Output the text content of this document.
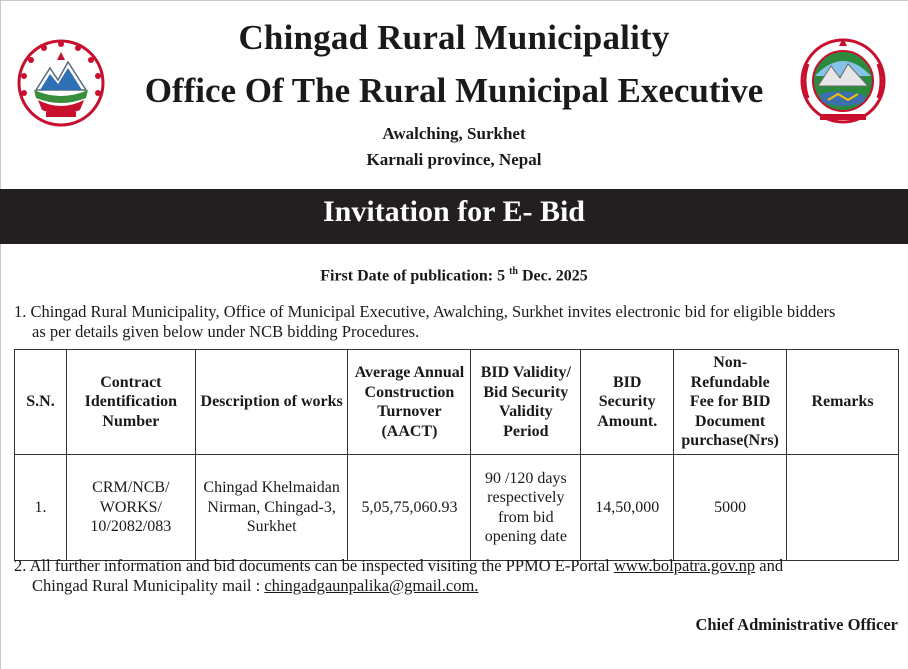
Chingad Rural Municipality
Office Of The Rural Municipal Executive
Awalching, Surkhet
Karnali province, Nepal
Invitation for E- Bid
First Date of publication: 5 $^{th}$ Dec. 2025
1. Chingad Rural Municipality, Office of Municipal Executive, Awalching, Surkhet invites electronic bid for eligible bidders
as per details given below under NCB bidding Procedures.
S.N.	Contract Identification Number	Description of works	Average Annual Construction Turnover (AACT)	BID Validity/ Bid Security Validity Period	BID Security Amount.	Non-Refundable Fee for BID Document purchase(Nrs)	Remarks
1.	CRM/NCB/ WORKS/ 10/2082/083	Chingad Khelmaidan Nirman, Chingad-3, Surkhet	5,05,75,060.93	90 /120 days respectively from bid opening date	14,50,000	5000	
2. All further information and bid documents can be inspected visiting the PPMO E-Portal www.bolpatra.gov.np and
Chingad Rural Municipality mail : chingadgaunpalika@gmail.com.
Chief Administrative Officer
